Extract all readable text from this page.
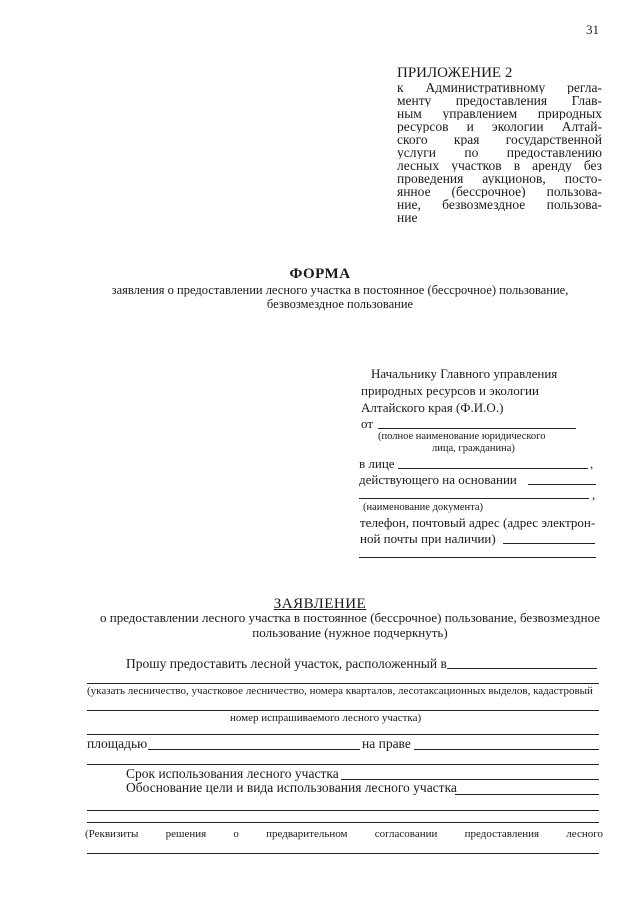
31
ПРИЛОЖЕНИЕ 2
к Административному регла-
менту предоставления Глав-
ным управлением природных
ресурсов и экологии Алтай-
ского края государственной
услуги по предоставлению
лесных участков в аренду без
проведения аукционов, посто-
янное (бессрочное) пользова-
ние, безвозмездное пользова-
ние
ФОРМА
заявления о предоставлении лесного участка в постоянное (бессрочное) пользование, безвозмездное пользование
Начальнику Главного управления
природных ресурсов и экологии
Алтайского края (Ф.И.О.)
от
(полное наименование юридического
лица, гражданина)
в лице	,
действующего на основании
,
(наименование документа)
телефон, почтовый адрес (адрес электрон-
ной почты при наличии)
ЗАЯВЛЕНИЕ
о предоставлении лесного участка в постоянное (бессрочное) пользование, безвозмездное пользование (нужное подчеркнуть)
Прошу предоставить лесной участок, расположенный в
(указать лесничество, участковое лесничество, номера кварталов, лесотаксационных выделов, кадастровый
номер испрашиваемого лесного участка)
площадью	на праве
Срок использования лесного участка
Обоснование цели и вида использования лесного участка
(Реквизиты решения о предварительном согласовании предоставления лесного
